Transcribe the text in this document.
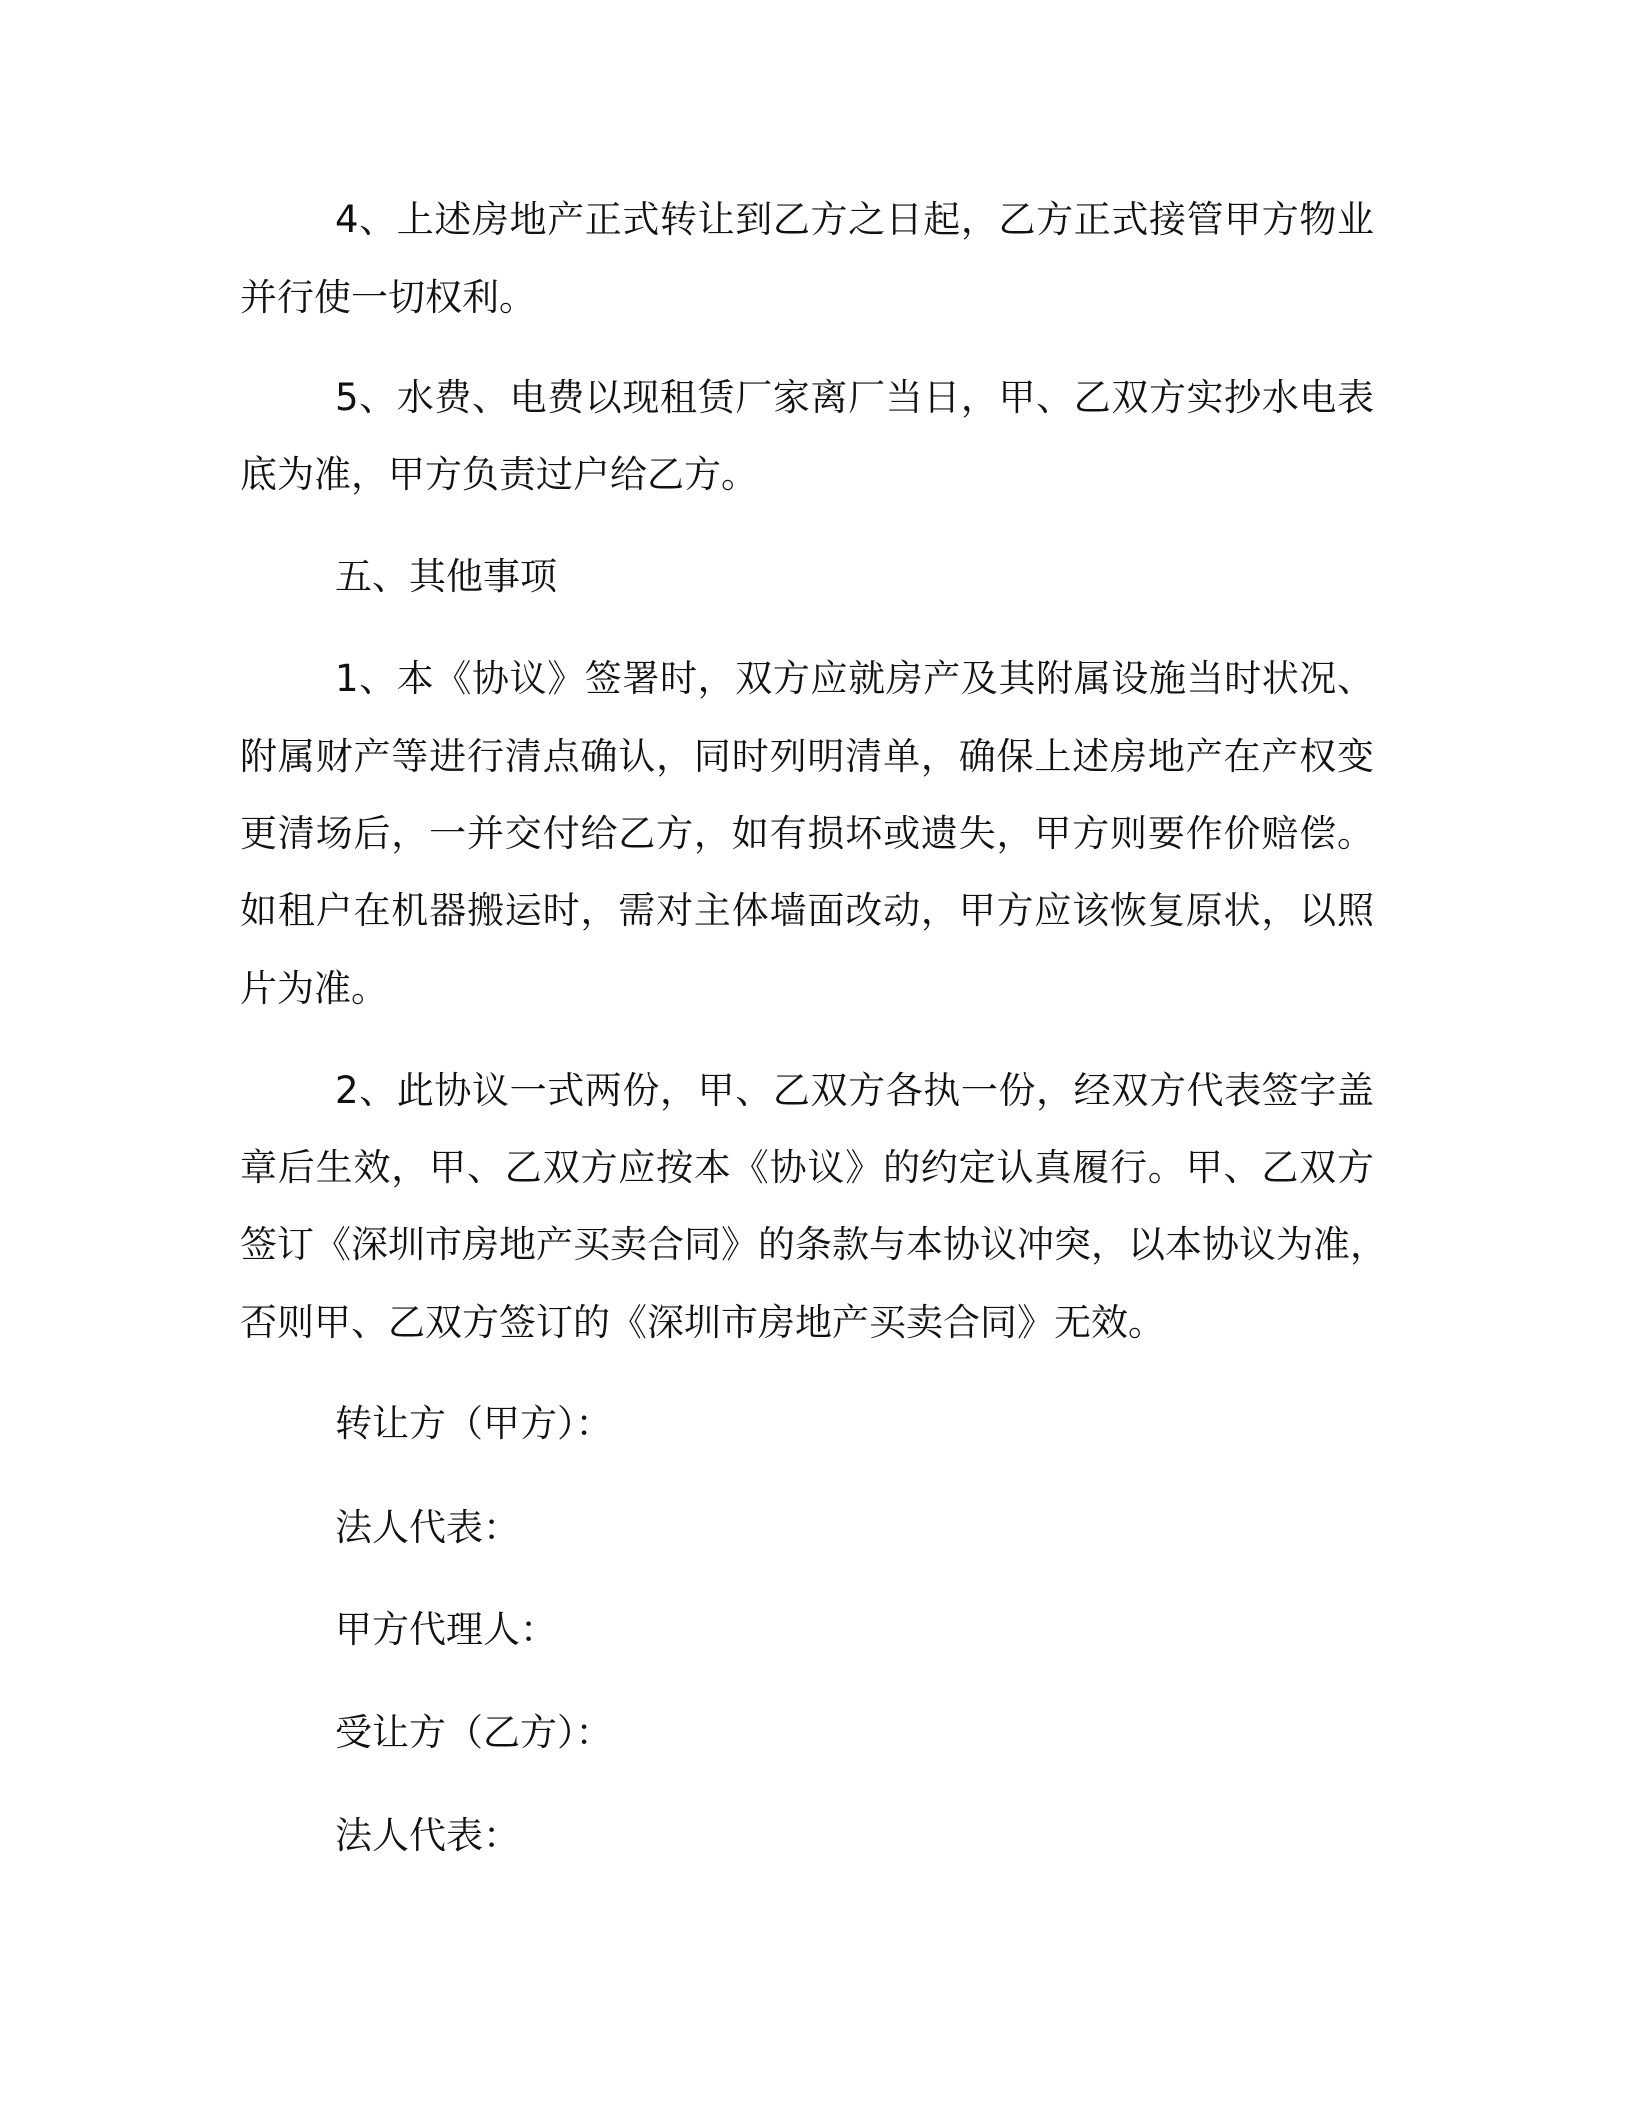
4、上述房地产正式转让到乙方之日起，乙方正式接管甲方物业
并行使一切权利。
5、水费、电费以现租赁厂家离厂当日，甲、乙双方实抄水电表
底为准，甲方负责过户给乙方。
五、其他事项
1、本《协议》签署时，双方应就房产及其附属设施当时状况、
附属财产等进行清点确认，同时列明清单，确保上述房地产在产权变
更清场后，一并交付给乙方，如有损坏或遗失，甲方则要作价赔偿。
如租户在机器搬运时，需对主体墙面改动，甲方应该恢复原状，以照
片为准。
2、此协议一式两份，甲、乙双方各执一份，经双方代表签字盖
章后生效，甲、乙双方应按本《协议》的约定认真履行。甲、乙双方
签订《深圳市房地产买卖合同》的条款与本协议冲突，以本协议为准，
否则甲、乙双方签订的《深圳市房地产买卖合同》无效。
转让方（甲方）：
法人代表：
甲方代理人：
受让方（乙方）：
法人代表：
